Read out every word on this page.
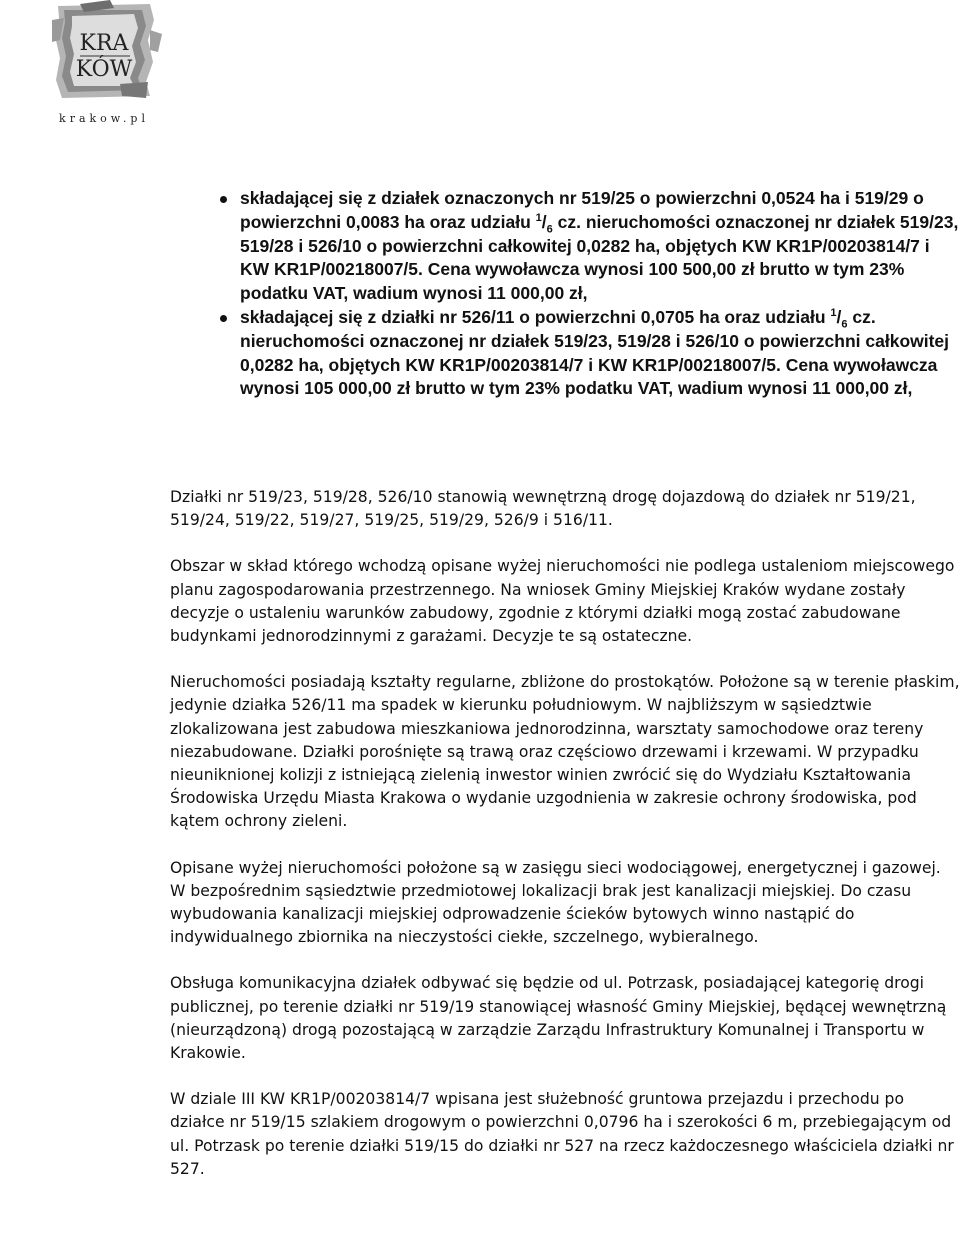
KRA
KÓW
krakow.pl
składającej się z działek oznaczonych nr 519/25 o powierzchni 0,0524 ha i 519/29 o powierzchni 0,0083 ha oraz udziału $^1/_6$ cz. nieruchomości oznaczonej nr działek 519/23, 519/28 i 526/10 o powierzchni całkowitej 0,0282 ha, objętych KW KR1P/00203814/7 i KW KR1P/00218007/5. Cena wywoławcza wynosi 100 500,00 zł brutto w tym 23% podatku VAT, wadium wynosi 11 000,00 zł,
składającej się z działki nr 526/11 o powierzchni 0,0705 ha oraz udziału $^1/_6$ cz. nieruchomości oznaczonej nr działek 519/23, 519/28 i 526/10 o powierzchni całkowitej 0,0282 ha, objętych KW KR1P/00203814/7 i KW KR1P/00218007/5. Cena wywoławcza wynosi 105 000,00 zł brutto w tym 23% podatku VAT, wadium wynosi 11 000,00 zł,

Działki nr 519/23, 519/28, 526/10 stanowią wewnętrzną drogę dojazdową do działek nr 519/21, 519/24, 519/22, 519/27, 519/25, 519/29, 526/9 i 516/11.

Obszar w skład którego wchodzą opisane wyżej nieruchomości nie podlega ustaleniom miejscowego planu zagospodarowania przestrzennego. Na wniosek Gminy Miejskiej Kraków wydane zostały decyzje o ustaleniu warunków zabudowy, zgodnie z którymi działki mogą zostać zabudowane budynkami jednorodzinnymi z garażami. Decyzje te są ostateczne.

Nieruchomości posiadają kształty regularne, zbliżone do prostokątów. Położone są w terenie płaskim, jedynie działka 526/11 ma spadek w kierunku południowym. W najbliższym w sąsiedztwie zlokalizowana jest zabudowa mieszkaniowa jednorodzinna, warsztaty samochodowe oraz tereny niezabudowane. Działki porośnięte są trawą oraz częściowo drzewami i krzewami. W przypadku nieuniknionej kolizji z istniejącą zielenią inwestor winien zwrócić się do Wydziału Kształtowania Środowiska Urzędu Miasta Krakowa o wydanie uzgodnienia w zakresie ochrony środowiska, pod kątem ochrony zieleni.

Opisane wyżej nieruchomości położone są w zasięgu sieci wodociągowej, energetycznej i gazowej. W bezpośrednim sąsiedztwie przedmiotowej lokalizacji brak jest kanalizacji miejskiej. Do czasu wybudowania kanalizacji miejskiej odprowadzenie ścieków bytowych winno nastąpić do indywidualnego zbiornika na nieczystości ciekłe, szczelnego, wybieralnego.

Obsługa komunikacyjna działek odbywać się będzie od ul. Potrzask, posiadającej kategorię drogi publicznej, po terenie działki nr 519/19 stanowiącej własność Gminy Miejskiej, będącej wewnętrzną (nieurządzoną) drogą pozostającą w zarządzie Zarządu Infrastruktury Komunalnej i Transportu w Krakowie.

W dziale III KW KR1P/00203814/7 wpisana jest służebność gruntowa przejazdu i przechodu po działce nr 519/15 szlakiem drogowym o powierzchni 0,0796 ha i szerokości 6 m, przebiegającym od ul. Potrzask po terenie działki 519/15 do działki nr 527 na rzecz każdoczesnego właściciela działki nr 527.
